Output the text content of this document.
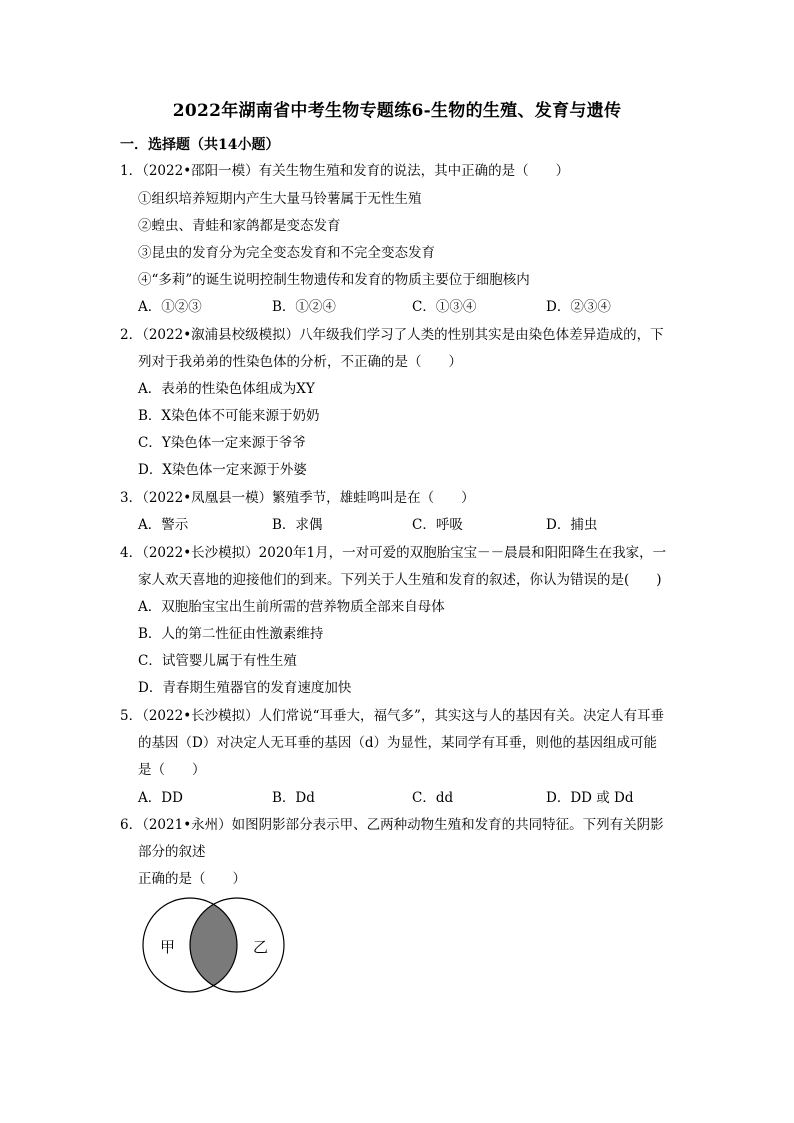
2022年湖南省中考生物专题练6-生物的生殖、发育与遗传
一．选择题（共14小题）
1．（2022•邵阳一模）有关生物生殖和发育的说法，其中正确的是（　　）
①组织培养短期内产生大量马铃薯属于无性生殖
②蝗虫、青蛙和家鸽都是变态发育
③昆虫的发育分为完全变态发育和不完全变态发育
④“多莉”的诞生说明控制生物遗传和发育的物质主要位于细胞核内
A．①②③	B．①②④	C．①③④	D．②③④
2．（2022•溆浦县校级模拟）八年级我们学习了人类的性别其实是由染色体差异造成的，下
列对于我弟弟的性染色体的分析，不正确的是（　　）
A．表弟的性染色体组成为XY
B．X染色体不可能来源于奶奶
C．Y染色体一定来源于爷爷
D．X染色体一定来源于外婆
3．（2022•凤凰县一模）繁殖季节，雄蛙鸣叫是在（　　）
A．警示	B．求偶	C．呼吸	D．捕虫
4．（2022•长沙模拟）2020年1月，一对可爱的双胞胎宝宝－－晨晨和阳阳降生在我家，一
家人欢天喜地的迎接他们的到来。下列关于人生殖和发育的叙述，你认为错误的是(　　)
A．双胞胎宝宝出生前所需的营养物质全部来自母体
B．人的第二性征由性激素维持
C．试管婴儿属于有性生殖
D．青春期生殖器官的发育速度加快
5．（2022•长沙模拟）人们常说“耳垂大，福气多”，其实这与人的基因有关。决定人有耳垂
的基因（D）对决定人无耳垂的基因（d）为显性，某同学有耳垂，则他的基因组成可能
是（　　）
A．DD	B．Dd	C．dd	D．DD 或 Dd
6．（2021•永州）如图阴影部分表示甲、乙两种动物生殖和发育的共同特征。下列有关阴影
部分的叙述
正确的是（　　）
甲	乙
